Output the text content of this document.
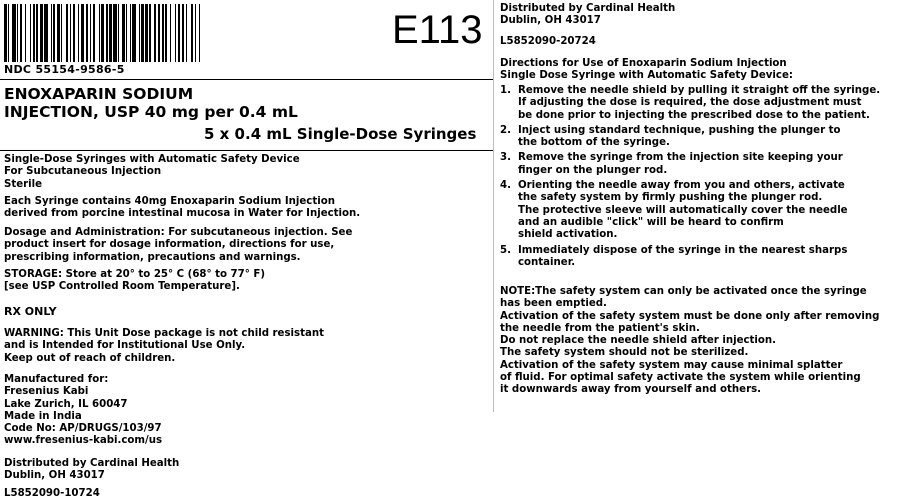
E113
NDC 55154-9586-5
ENOXAPARIN SODIUM
INJECTION, USP 40 mg per 0.4 mL
5 x 0.4 mL Single-Dose Syringes
Single-Dose Syringes with Automatic Safety Device
For Subcutaneous Injection
Sterile
Each Syringe contains 40mg Enoxaparin Sodium Injection
derived from porcine intestinal mucosa in Water for Injection.
Dosage and Administration: For subcutaneous injection. See
product insert for dosage information, directions for use,
prescribing information, precautions and warnings.
STORAGE: Store at 20° to 25° C (68° to 77° F)
[see USP Controlled Room Temperature].
RX ONLY
WARNING: This Unit Dose package is not child resistant
and is Intended for Institutional Use Only.
Keep out of reach of children.
Manufactured for:
Fresenius Kabi
Lake Zurich, IL 60047
Made in India
Code No: AP/DRUGS/103/97
www.fresenius-kabi.com/us
Distributed by Cardinal Health
Dublin, OH 43017
L5852090-10724
Distributed by Cardinal Health
Dublin, OH 43017
L5852090-20724
Directions for Use of Enoxaparin Sodium Injection
Single Dose Syringe with Automatic Safety Device:
1. Remove the needle shield by pulling it straight off the syringe.
If adjusting the dose is required, the dose adjustment must
be done prior to injecting the prescribed dose to the patient.
2. Inject using standard technique, pushing the plunger to
the bottom of the syringe.
3. Remove the syringe from the injection site keeping your
finger on the plunger rod.
4. Orienting the needle away from you and others, activate
the safety system by firmly pushing the plunger rod.
The protective sleeve will automatically cover the needle
and an audible "click" will be heard to confirm
shield activation.
5. Immediately dispose of the syringe in the nearest sharps
container.
NOTE:The safety system can only be activated once the syringe
has been emptied.
Activation of the safety system must be done only after removing
the needle from the patient's skin.
Do not replace the needle shield after injection.
The safety system should not be sterilized.
Activation of the safety system may cause minimal splatter
of fluid. For optimal safety activate the system while orienting
it downwards away from yourself and others.
